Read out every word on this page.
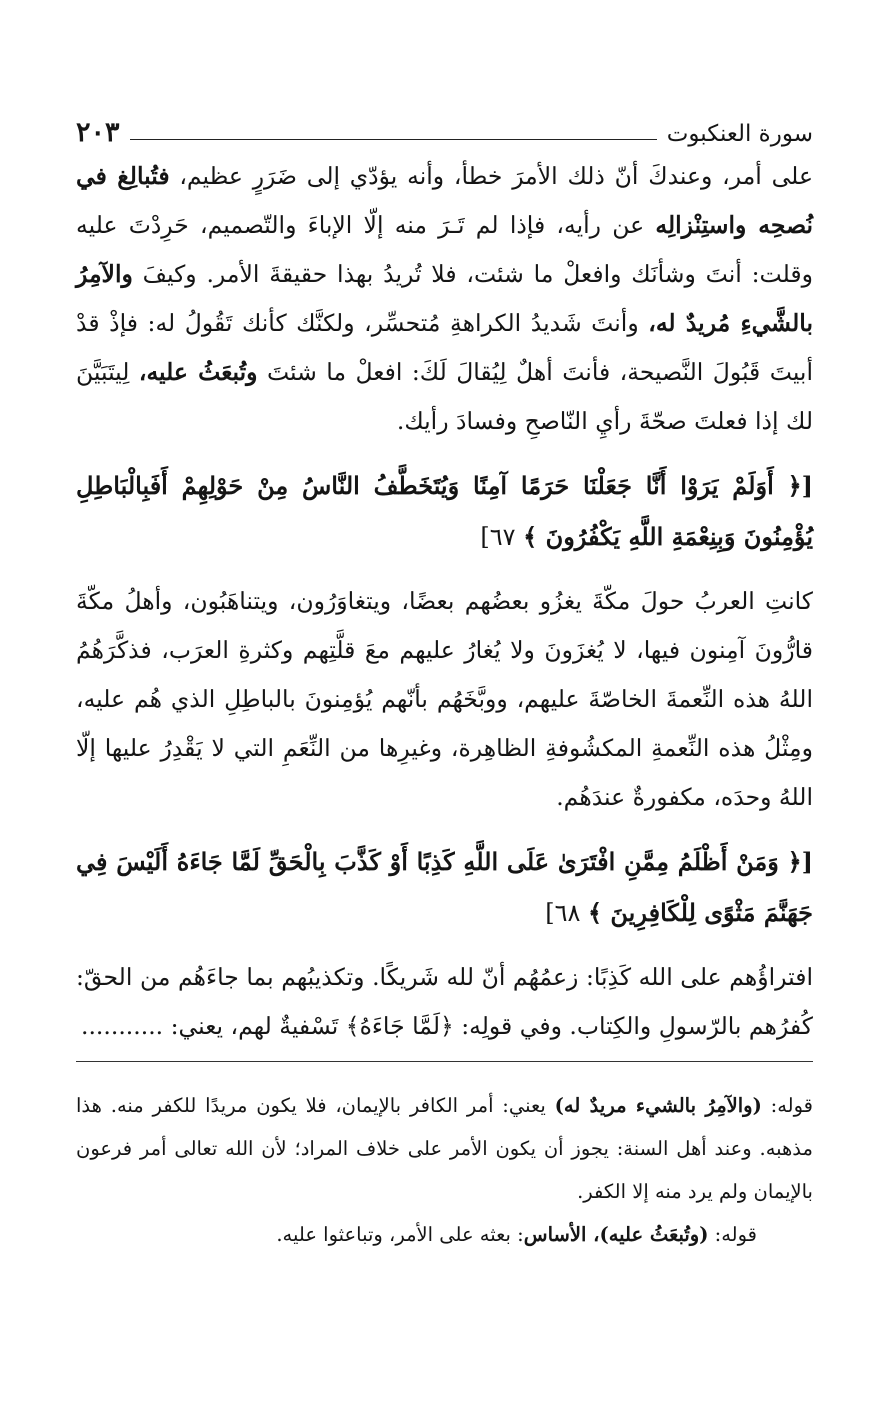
سورة العنكبوت
٢٠٣

على أمر، وعندكَ أنّ ذلك الأمرَ خطأ، وأنه يؤدّي إلى ضَرَرٍ عظيم، فتُبالِغ في نُصحِه واستِنْزالِه عن رأيه، فإذا لم تَـرَ منه إلّا الإباءَ والتّصميم، حَرِدْتَ عليه وقلت: أنتَ وشأنَك وافعلْ ما شئت، فلا تُريدُ بهذا حقيقةَ الأمر. وكيفَ والآمِرُ بالشَّيءِ مُريدٌ له، وأنتَ شَديدُ الكراهةِ مُتحسِّر، ولكنَّك كأنك تَقُولُ له: فإذْ قدْ أبيتَ قَبُولَ النَّصيحة، فأنتَ أهلٌ لِيُقالَ لَكَ: افعلْ ما شئتَ وتُبعَثُ عليه، لِيتَبَيَّنَ لك إذا فعلتَ صحّةَ رأيِ النّاصحِ وفسادَ رأيك.

[﴿ أَوَلَمْ يَرَوْا أَنَّا جَعَلْنَا حَرَمًا آمِنًا وَيُتَخَطَّفُ النَّاسُ مِنْ حَوْلِهِمْ أَفَبِالْبَاطِلِ يُؤْمِنُونَ وَبِنِعْمَةِ اللَّهِ يَكْفُرُونَ ﴾ ٦٧]

كانتِ العربُ حولَ مكّةَ يغزُو بعضُهم بعضًا، ويتغاوَرُون، ويتناهَبُون، وأهلُ مكّةَ قارُّونَ آمِنون فيها، لا يُغزَونَ ولا يُغارُ عليهم معَ قلَّتِهم وكثرةِ العرَب، فذكَّرَهُمُ اللهُ هذه النِّعمةَ الخاصّةَ عليهم، ووبَّخَهُم بأنّهم يُؤمِنونَ بالباطِلِ الذي هُم عليه، ومِثْلُ هذه النِّعمةِ المكشُوفةِ الظاهِرة، وغيرِها من النِّعَمِ التي لا يَقْدِرُ عليها إلّا اللهُ وحدَه، مكفورةٌ عندَهُم.

[﴿ وَمَنْ أَظْلَمُ مِمَّنِ افْتَرَىٰ عَلَى اللَّهِ كَذِبًا أَوْ كَذَّبَ بِالْحَقِّ لَمَّا جَاءَهُ أَلَيْسَ فِي جَهَنَّمَ مَثْوًى لِلْكَافِرِينَ ﴾ ٦٨]

افتراؤُهم على الله كَذِبًا: زعمُهُم أنّ لله شَريكًا. وتكذيبُهم بما جاءَهُم من الحقّ: كُفرُهم بالرّسولِ والكِتاب. وفي قولِه: ﴿لَمَّا جَاءَهُ﴾ تَسْفيةٌ لهم، يعني: ...........

قوله: (والآمِرُ بالشيء مريدٌ له) يعني: أمر الكافر بالإيمان، فلا يكون مريدًا للكفر منه. هذا مذهبه. وعند أهل السنة: يجوز أن يكون الأمر على خلاف المراد؛ لأن الله تعالى أمر فرعون بالإيمان ولم يرد منه إلا الكفر.

قوله: (وتُبعَثُ عليه)، الأساس: بعثه على الأمر، وتباعثوا عليه.
